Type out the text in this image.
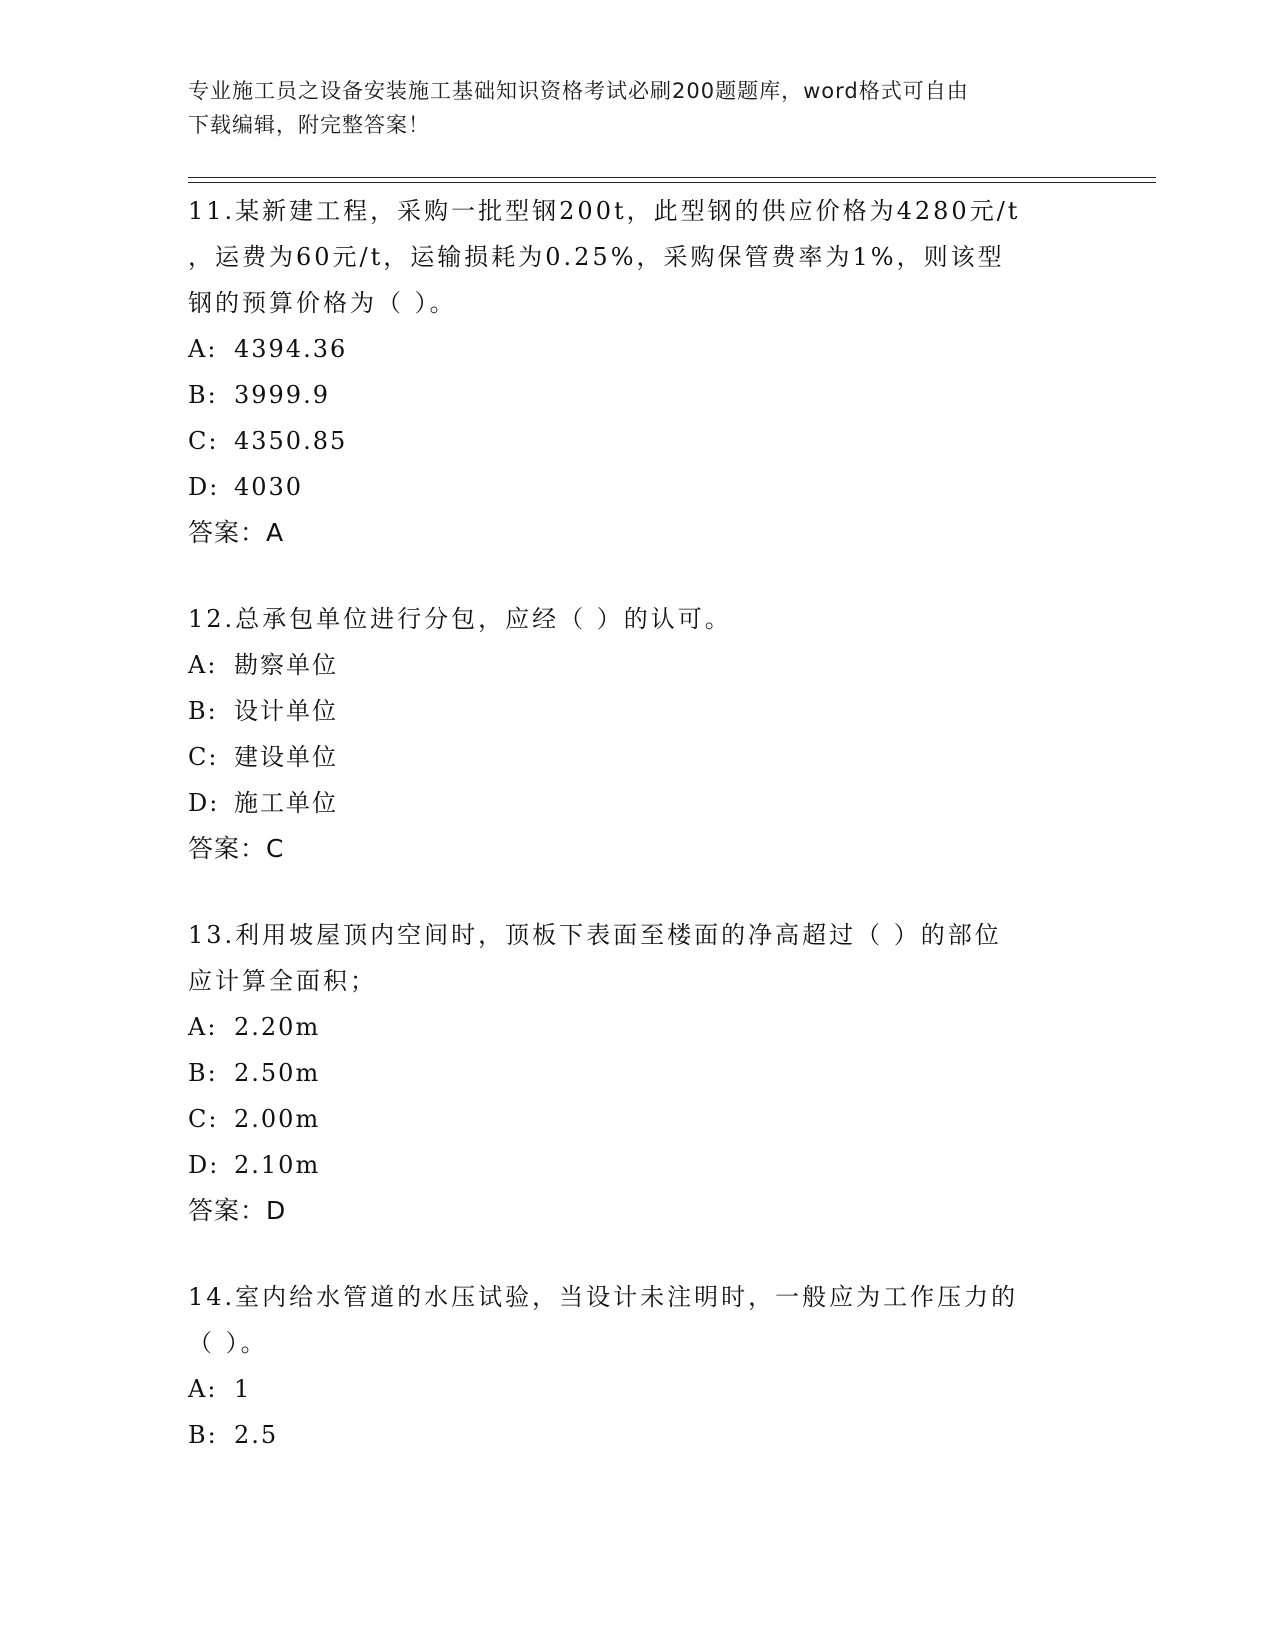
专业施工员之设备安装施工基础知识资格考试必刷200题题库，word格式可自由
下载编辑，附完整答案！

11.某新建工程，采购一批型钢200t，此型钢的供应价格为4280元/t

，运费为60元/t，运输损耗为0.25%，采购保管费率为1%，则该型

钢的预算价格为（ ）。

A: 4394.36

B: 3999.9

C: 4350.85

D: 4030

答案：A

12.总承包单位进行分包，应经（ ）的认可。

A: 勘察单位

B: 设计单位

C: 建设单位

D: 施工单位

答案：C

13.利用坡屋顶内空间时，顶板下表面至楼面的净高超过（ ）的部位

应计算全面积；

A: 2.20m

B: 2.50m

C: 2.00m

D: 2.10m

答案：D

14.室内给水管道的水压试验，当设计未注明时，一般应为工作压力的

（ ）。

A: 1

B: 2.5
